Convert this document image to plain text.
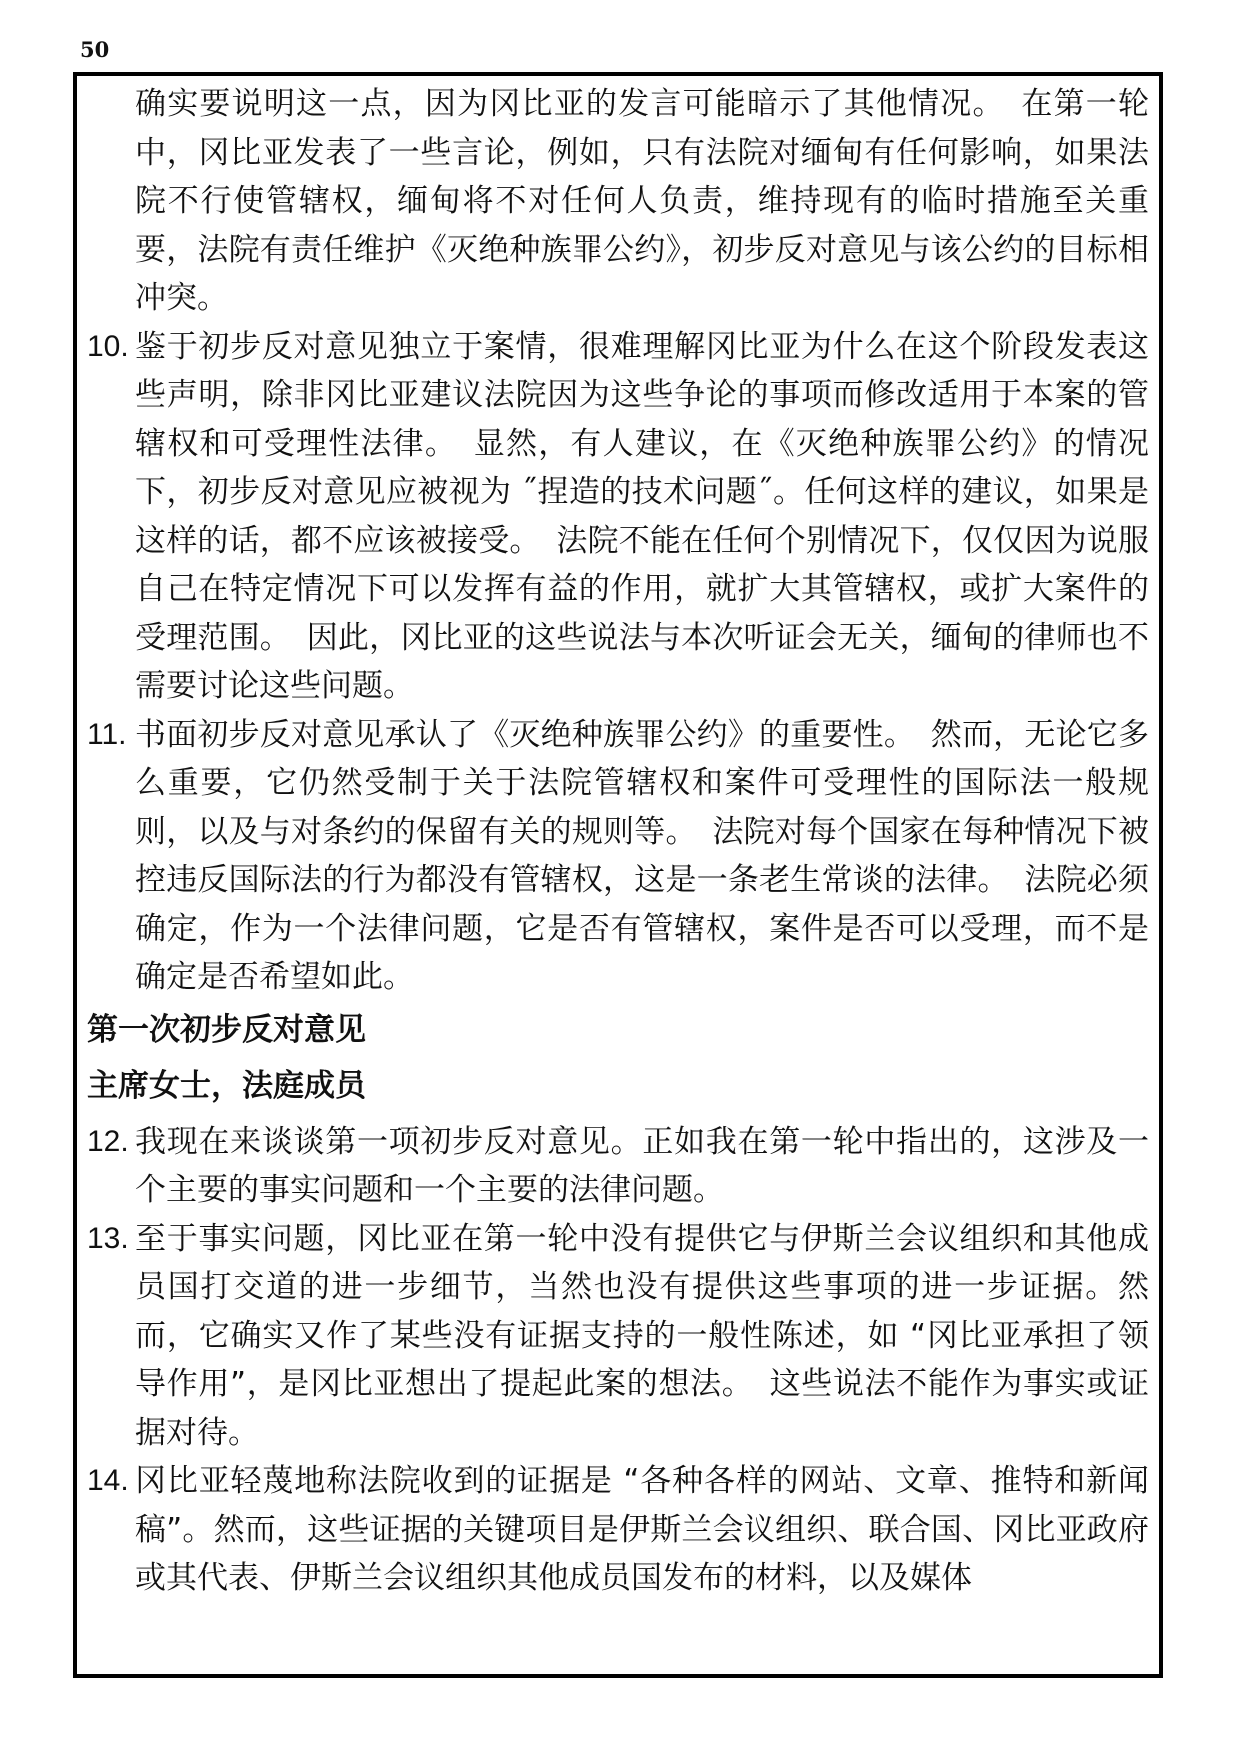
50

确实要说明这一点，因为冈比亚的发言可能暗示了其他情况。　在第一轮中，冈比亚发表了一些言论，例如，只有法院对缅甸有任何影响，如果法院不行使管辖权，缅甸将不对任何人负责，维持现有的临时措施至关重要，法院有责任维护《灭绝种族罪公约》，初步反对意见与该公约的目标相冲突。

10. 鉴于初步反对意见独立于案情，很难理解冈比亚为什么在这个阶段发表这些声明，除非冈比亚建议法院因为这些争论的事项而修改适用于本案的管辖权和可受理性法律。　显然，有人建议，在《灭绝种族罪公约》的情况下，初步反对意见应被视为 ˝捏造的技术问题˝。任何这样的建议，如果是这样的话，都不应该被接受。　法院不能在任何个别情况下，仅仅因为说服自己在特定情况下可以发挥有益的作用，就扩大其管辖权，或扩大案件的受理范围。　因此，冈比亚的这些说法与本次听证会无关，缅甸的律师也不需要讨论这些问题。

11. 书面初步反对意见承认了《灭绝种族罪公约》的重要性。　然而，无论它多么重要，它仍然受制于关于法院管辖权和案件可受理性的国际法一般规则，以及与对条约的保留有关的规则等。　法院对每个国家在每种情况下被控违反国际法的行为都没有管辖权，这是一条老生常谈的法律。　法院必须确定，作为一个法律问题，它是否有管辖权，案件是否可以受理，而不是确定是否希望如此。

第一次初步反对意见
主席女士，法庭成员

12. 我现在来谈谈第一项初步反对意见。正如我在第一轮中指出的，这涉及一个主要的事实问题和一个主要的法律问题。

13. 至于事实问题，冈比亚在第一轮中没有提供它与伊斯兰会议组织和其他成员国打交道的进一步细节，当然也没有提供这些事项的进一步证据。然而，它确实又作了某些没有证据支持的一般性陈述，如 “冈比亚承担了领导作用”，是冈比亚想出了提起此案的想法。　这些说法不能作为事实或证据对待。

14. 冈比亚轻蔑地称法院收到的证据是 “各种各样的网站、文章、推特和新闻稿”。然而，这些证据的关键项目是伊斯兰会议组织、联合国、冈比亚政府或其代表、伊斯兰会议组织其他成员国发布的材料，以及媒体
